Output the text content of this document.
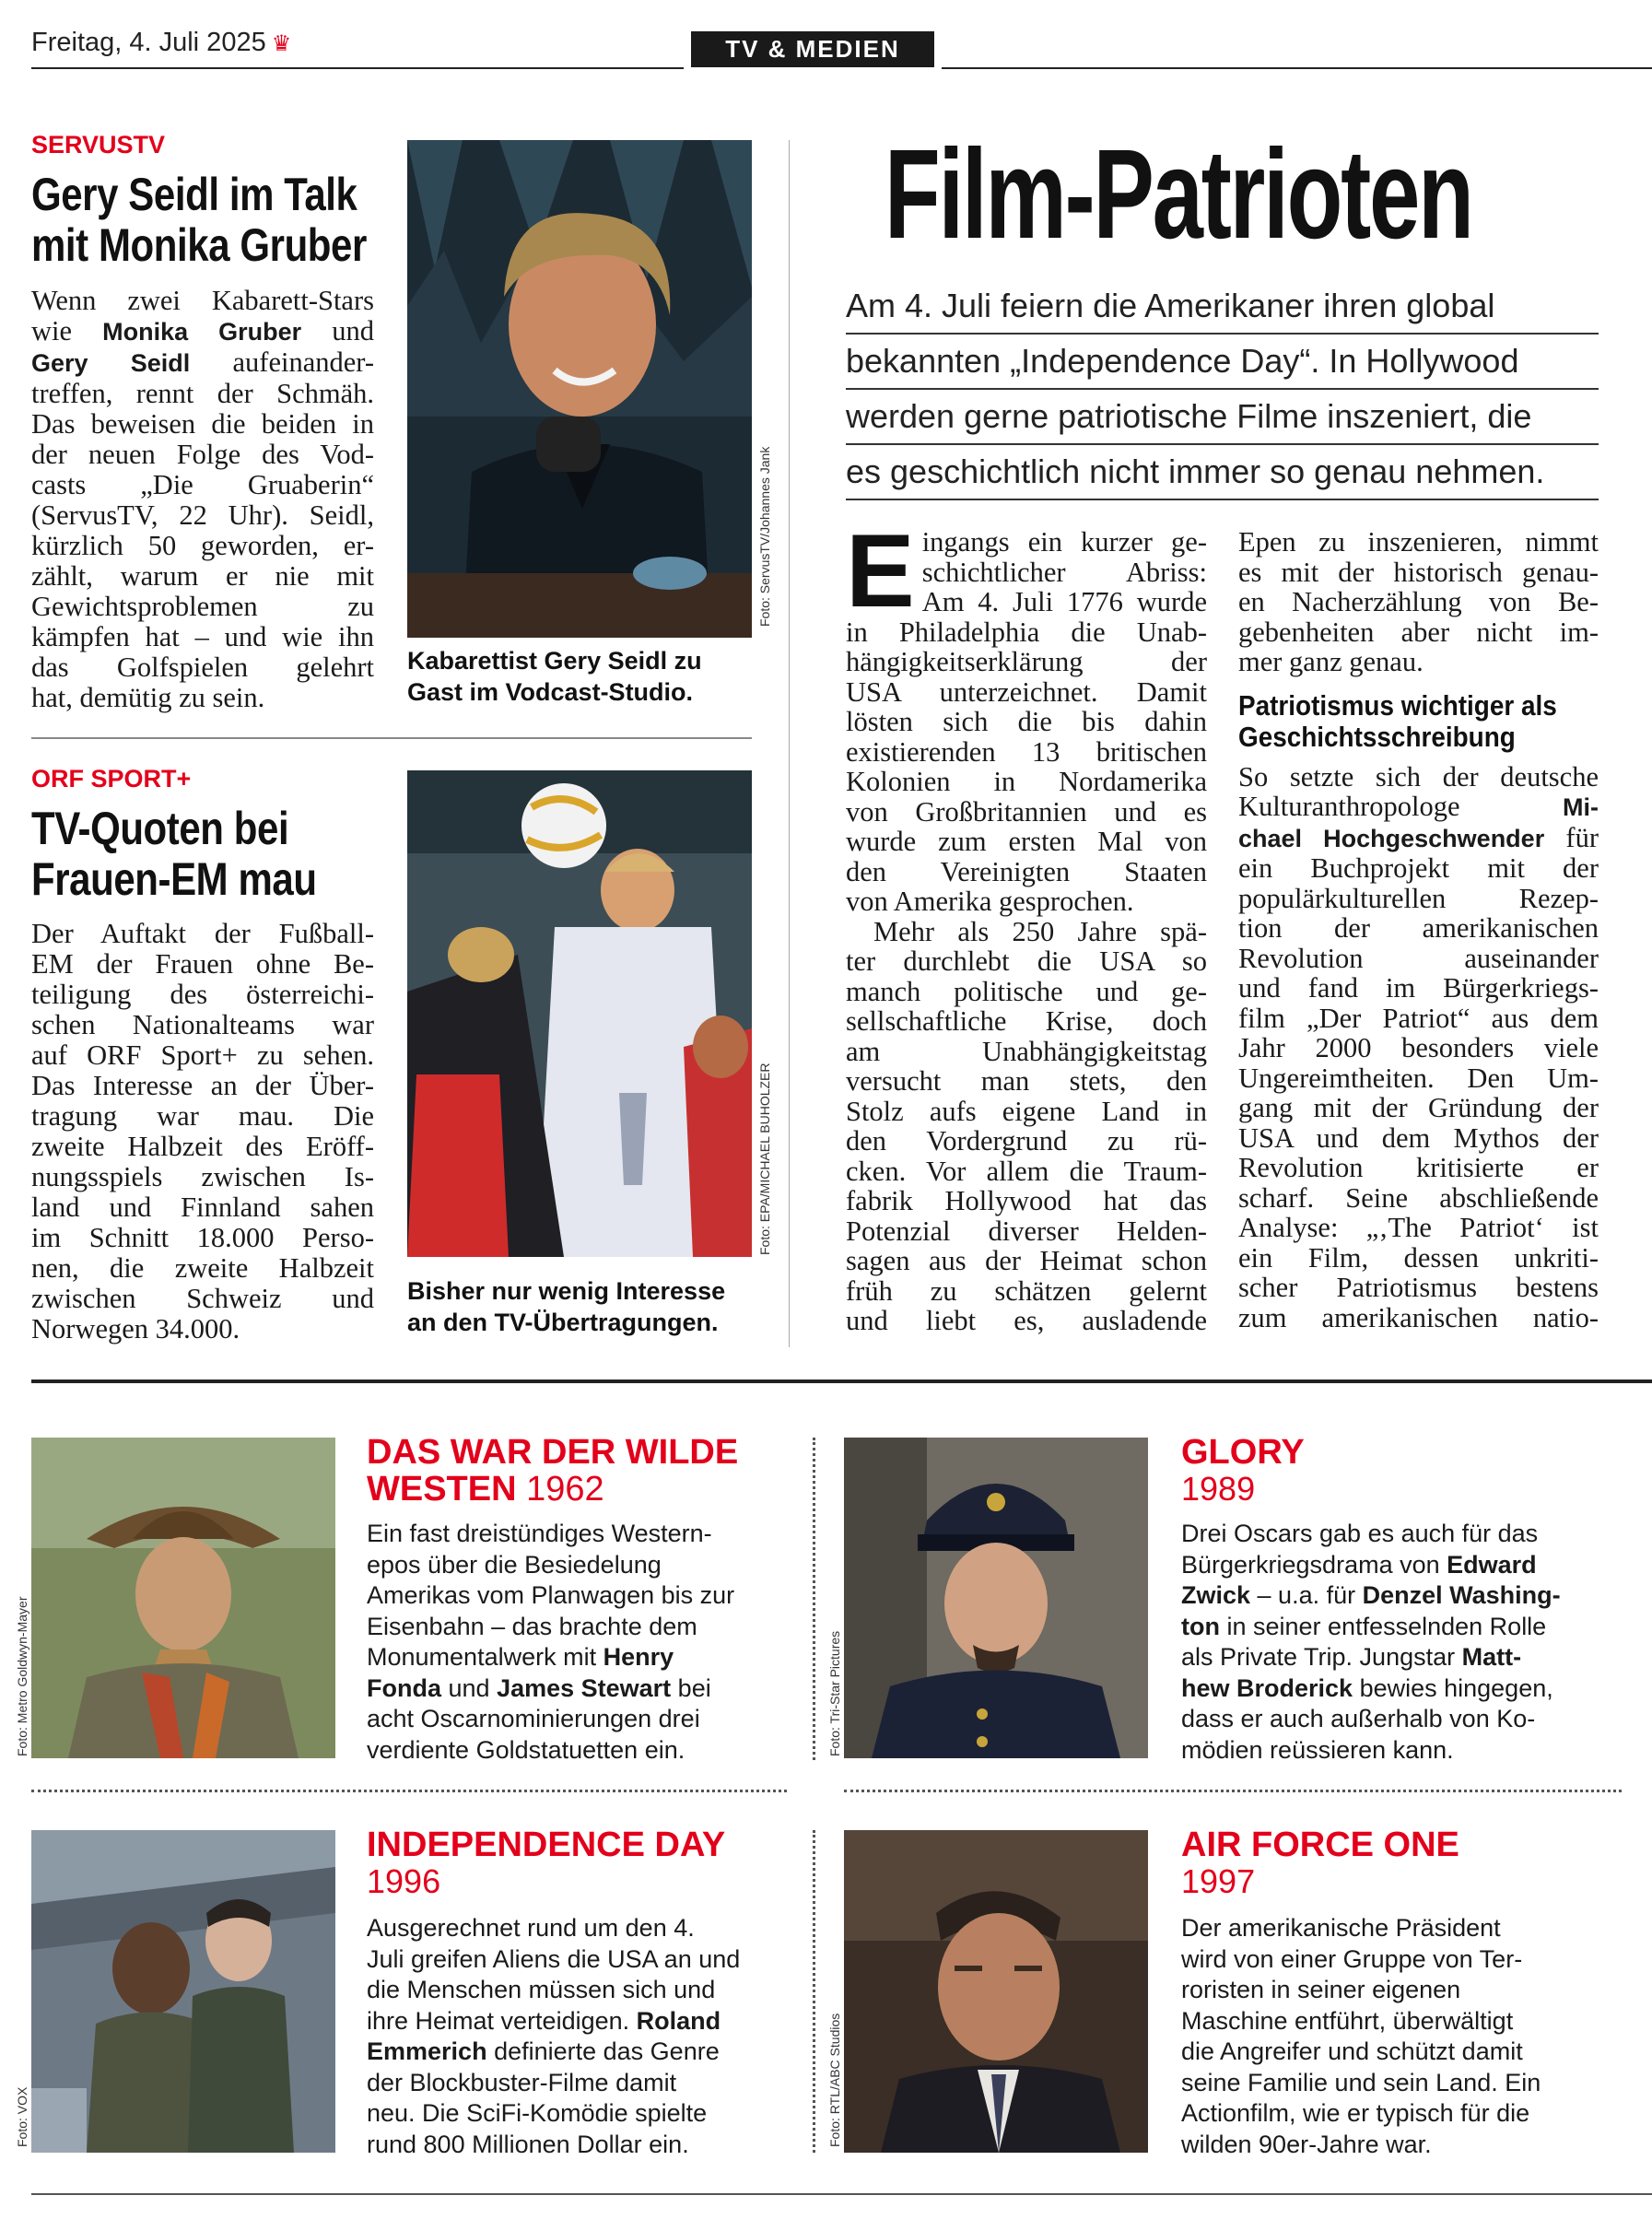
Freitag, 4. Juli 2025 ♛	TV & MEDIEN
SERVUSTV
Gery Seidl im Talk
mit Monika Gruber
Wenn zwei Kabarett-Stars
wie Monika Gruber und
Gery Seidl aufeinander-
treffen, rennt der Schmäh.
Das beweisen die beiden in
der neuen Folge des Vod-
casts „Die Gruaberin“
(ServusTV, 22 Uhr). Seidl,
kürzlich 50 geworden, er-
zählt, warum er nie mit
Gewichtsproblemen zu
kämpfen hat – und wie ihn
das Golfspielen gelehrt
hat, demütig zu sein.
Foto: ServusTV/Johannes Jank
Kabarettist Gery Seidl zu
Gast im Vodcast-Studio.
ORF SPORT+
TV-Quoten bei
Frauen-EM mau
Der Auftakt der Fußball-
EM der Frauen ohne Be-
teiligung des österreichi-
schen Nationalteams war
auf ORF Sport+ zu sehen.
Das Interesse an der Über-
tragung war mau. Die
zweite Halbzeit des Eröff-
nungsspiels zwischen Is-
land und Finnland sahen
im Schnitt 18.000 Perso-
nen, die zweite Halbzeit
zwischen Schweiz und
Norwegen 34.000.
Foto: EPA/MICHAEL BUHOLZER
Bisher nur wenig Interesse
an den TV-Übertragungen.
Film-Patrioten
Am 4. Juli feiern die Amerikaner ihren global
bekannten „Independence Day“. In Hollywood
werden gerne patriotische Filme inszeniert, die
es geschichtlich nicht immer so genau nehmen.
E ingangs ein kurzer ge-
schichtlicher Abriss:
Am 4. Juli 1776 wurde
in Philadelphia die Unab-
hängigkeitserklärung der
USA unterzeichnet. Damit
lösten sich die bis dahin
existierenden 13 britischen
Kolonien in Nordamerika
von Großbritannien und es
wurde zum ersten Mal von
den Vereinigten Staaten
von Amerika gesprochen.
Mehr als 250 Jahre spä-
ter durchlebt die USA so
manch politische und ge-
sellschaftliche Krise, doch
am Unabhängigkeitstag
versucht man stets, den
Stolz aufs eigene Land in
den Vordergrund zu rü-
cken. Vor allem die Traum-
fabrik Hollywood hat das
Potenzial diverser Helden-
sagen aus der Heimat schon
früh zu schätzen gelernt
und liebt es, ausladende
Epen zu inszenieren, nimmt
es mit der historisch genau-
en Nacherzählung von Be-
gebenheiten aber nicht im-
mer ganz genau.
Patriotismus wichtiger als
Geschichtsschreibung
So setzte sich der deutsche
Kulturanthropologe Mi-
chael Hochgeschwender für
ein Buchprojekt mit der
populärkulturellen Rezep-
tion der amerikanischen
Revolution auseinander
und fand im Bürgerkriegs-
film „Der Patriot“ aus dem
Jahr 2000 besonders viele
Ungereimtheiten. Den Um-
gang mit der Gründung der
USA und dem Mythos der
Revolution kritisierte er
scharf. Seine abschließende
Analyse: „‚The Patriot‘ ist
ein Film, dessen unkriti-
scher Patriotismus bestens
zum amerikanischen natio-
Foto: Metro Goldwyn-Mayer
DAS WAR DER WILDE
WESTEN 1962
Ein fast dreistündiges Western-
epos über die Besiedelung
Amerikas vom Planwagen bis zur
Eisenbahn – das brachte dem
Monumentalwerk mit Henry
Fonda und James Stewart bei
acht Oscarnominierungen drei
verdiente Goldstatuetten ein.	Foto: Tri-Star Pictures
GLORY
1989
Drei Oscars gab es auch für das
Bürgerkriegsdrama von Edward
Zwick – u.a. für Denzel Washing-
ton in seiner entfesselnden Rolle
als Private Trip. Jungstar Matt-
hew Broderick bewies hingegen,
dass er auch außerhalb von Ko-
mödien reüssieren kann.
Foto: VOX
INDEPENDENCE DAY
1996
Ausgerechnet rund um den 4.
Juli greifen Aliens die USA an und
die Menschen müssen sich und
ihre Heimat verteidigen. Roland
Emmerich definierte das Genre
der Blockbuster-Filme damit
neu. Die SciFi-Komödie spielte
rund 800 Millionen Dollar ein.	Foto: RTL/ABC Studios
AIR FORCE ONE
1997
Der amerikanische Präsident
wird von einer Gruppe von Ter-
roristen in seiner eigenen
Maschine entführt, überwältigt
die Angreifer und schützt damit
seine Familie und sein Land. Ein
Actionfilm, wie er typisch für die
wilden 90er-Jahre war.
